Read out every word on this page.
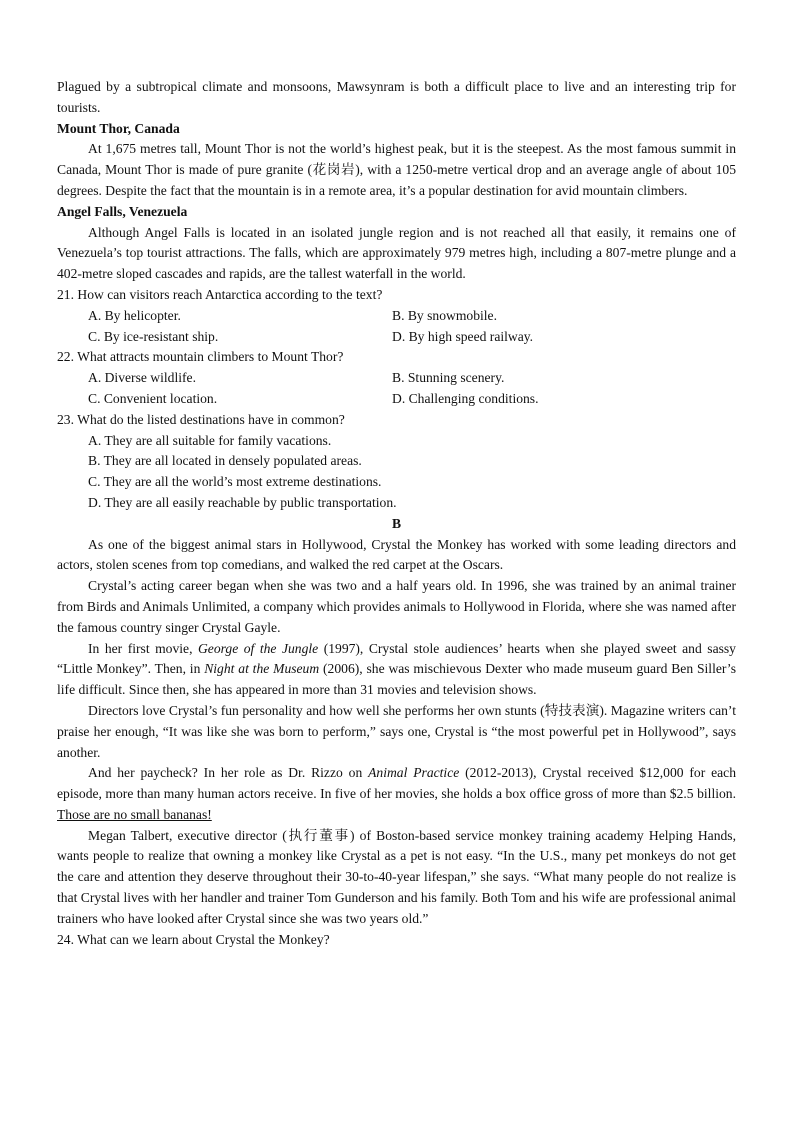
Plagued by a subtropical climate and monsoons, Mawsynram is both a difficult place to live and an interesting trip for tourists.

Mount Thor, Canada

At 1,675 metres tall, Mount Thor is not the world’s highest peak, but it is the steepest. As the most famous summit in Canada, Mount Thor is made of pure granite (花岗岩), with a 1250-metre vertical drop and an average angle of about 105 degrees. Despite the fact that the mountain is in a remote area, it’s a popular destination for avid mountain climbers.

Angel Falls, Venezuela

Although Angel Falls is located in an isolated jungle region and is not reached all that easily, it remains one of Venezuela’s top tourist attractions. The falls, which are approximately 979 metres high, including a 807-metre plunge and a 402-metre sloped cascades and rapids, are the tallest waterfall in the world.

21. How can visitors reach Antarctica according to the text?

A. By helicopter.	B. By snowmobile.
C. By ice-resistant ship.	D. By high speed railway.

22. What attracts mountain climbers to Mount Thor?

A. Diverse wildlife.	B. Stunning scenery.
C. Convenient location.	D. Challenging conditions.

23. What do the listed destinations have in common?

A. They are all suitable for family vacations.
B. They are all located in densely populated areas.
C. They are all the world’s most extreme destinations.
D. They are all easily reachable by public transportation.

B

As one of the biggest animal stars in Hollywood, Crystal the Monkey has worked with some leading directors and actors, stolen scenes from top comedians, and walked the red carpet at the Oscars.

Crystal’s acting career began when she was two and a half years old. In 1996, she was trained by an animal trainer from Birds and Animals Unlimited, a company which provides animals to Hollywood in Florida, where she was named after the famous country singer Crystal Gayle.

In her first movie, George of the Jungle (1997), Crystal stole audiences’ hearts when she played sweet and sassy “Little Monkey”. Then, in Night at the Museum (2006), she was mischievous Dexter who made museum guard Ben Siller’s life difficult. Since then, she has appeared in more than 31 movies and television shows.

Directors love Crystal’s fun personality and how well she performs her own stunts (特技表演). Magazine writers can’t praise her enough, “It was like she was born to perform,” says one, Crystal is “the most powerful pet in Hollywood”, says another.

And her paycheck? In her role as Dr. Rizzo on Animal Practice (2012-2013), Crystal received $12,000 for each episode, more than many human actors receive. In five of her movies, she holds a box office gross of more than $2.5 billion. Those are no small bananas!

Megan Talbert, executive director (执行董事) of Boston-based service monkey training academy Helping Hands, wants people to realize that owning a monkey like Crystal as a pet is not easy. “In the U.S., many pet monkeys do not get the care and attention they deserve throughout their 30-to-40-year lifespan,” she says. “What many people do not realize is that Crystal lives with her handler and trainer Tom Gunderson and his family. Both Tom and his wife are professional animal trainers who have looked after Crystal since she was two years old.”

24. What can we learn about Crystal the Monkey?
